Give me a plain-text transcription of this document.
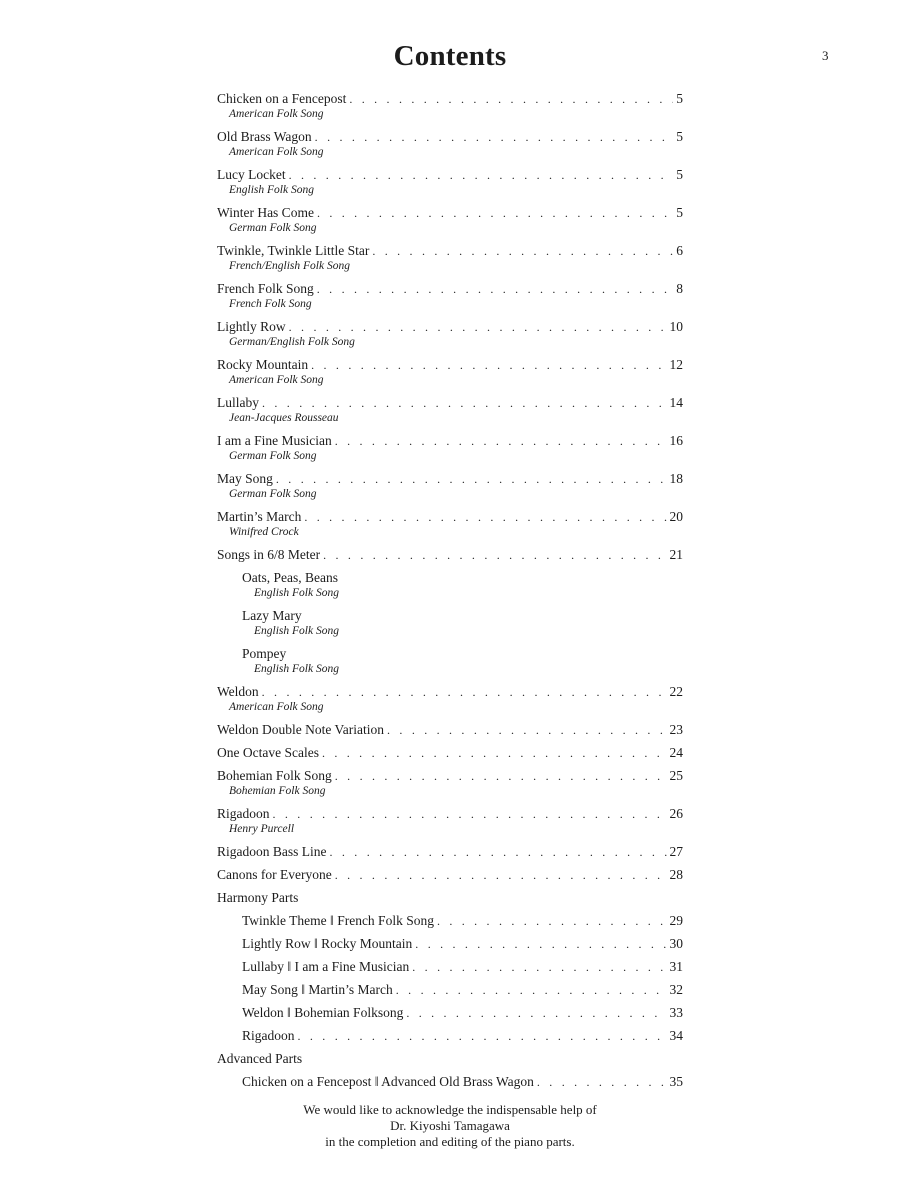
3
Contents
Chicken on a Fencepost . . .	5
American Folk Song
Old Brass Wagon . . .	5
American Folk Song
Lucy Locket . . .	5
English Folk Song
Winter Has Come . . .	5
German Folk Song
Twinkle, Twinkle Little Star . . .	6
French/English Folk Song
French Folk Song . . .	8
French Folk Song
Lightly Row . . .	10
German/English Folk Song
Rocky Mountain . . .	12
American Folk Song
Lullaby . . .	14
Jean-Jacques Rousseau
I am a Fine Musician . . .	16
German Folk Song
May Song . . .	18
German Folk Song
Martin’s March . . .	20
Winifred Crock
Songs in 6/8 Meter . . .	21
Oats, Peas, Beans
English Folk Song
Lazy Mary
English Folk Song
Pompey
English Folk Song
Weldon . . .	22
American Folk Song
Weldon Double Note Variation . . .	23
One Octave Scales . . .	24
Bohemian Folk Song . . .	25
Bohemian Folk Song
Rigadoon . . .	26
Henry Purcell
Rigadoon Bass Line . . .	27
Canons for Everyone . . .	28
Harmony Parts
Twinkle Theme ‖ French Folk Song . . .	29
Lightly Row ‖ Rocky Mountain . . .	30
Lullaby ‖ I am a Fine Musician . . .	31
May Song ‖ Martin’s March . . .	32
Weldon ‖ Bohemian Folksong . . .	33
Rigadoon . . .	34
Advanced Parts
Chicken on a Fencepost ‖ Advanced Old Brass Wagon . . .	35
We would like to acknowledge the indispensable help of
Dr. Kiyoshi Tamagawa
in the completion and editing of the piano parts.
